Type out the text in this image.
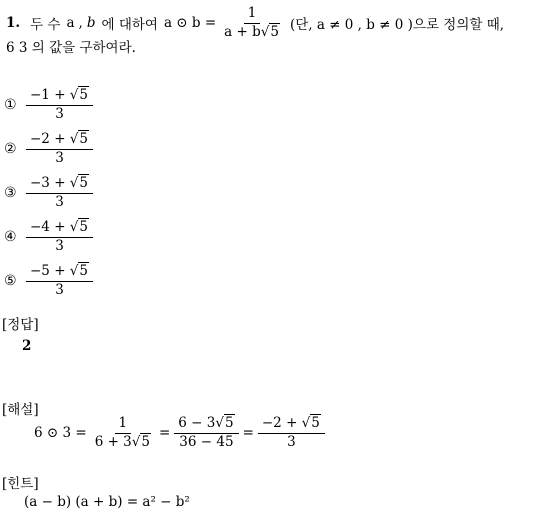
1. 두 수 a , b 에 대하여 a ⊙ $b = \frac{1}{a + b√5}$ (단, a ≠ 0 , b ≠ 0 )으로 정의할 때,
6 3 의 값을 구하여라.
① $\frac{-1 + √5}{3}$
② $\frac{-2 + √5}{3}$
③ $\frac{-3 + √5}{3}$
④ $\frac{-4 + √5}{3}$
⑤ $\frac{-5 + √5}{3}$
[정답]
2
[해설]
6 ⊙ $3 = \frac{1}{6 + 3√5} = \frac{6 - 3√5}{36 - 45} = \frac{-2 + √5}{3}$
[힌트]
(a − b) (a + b) = a² − b²
